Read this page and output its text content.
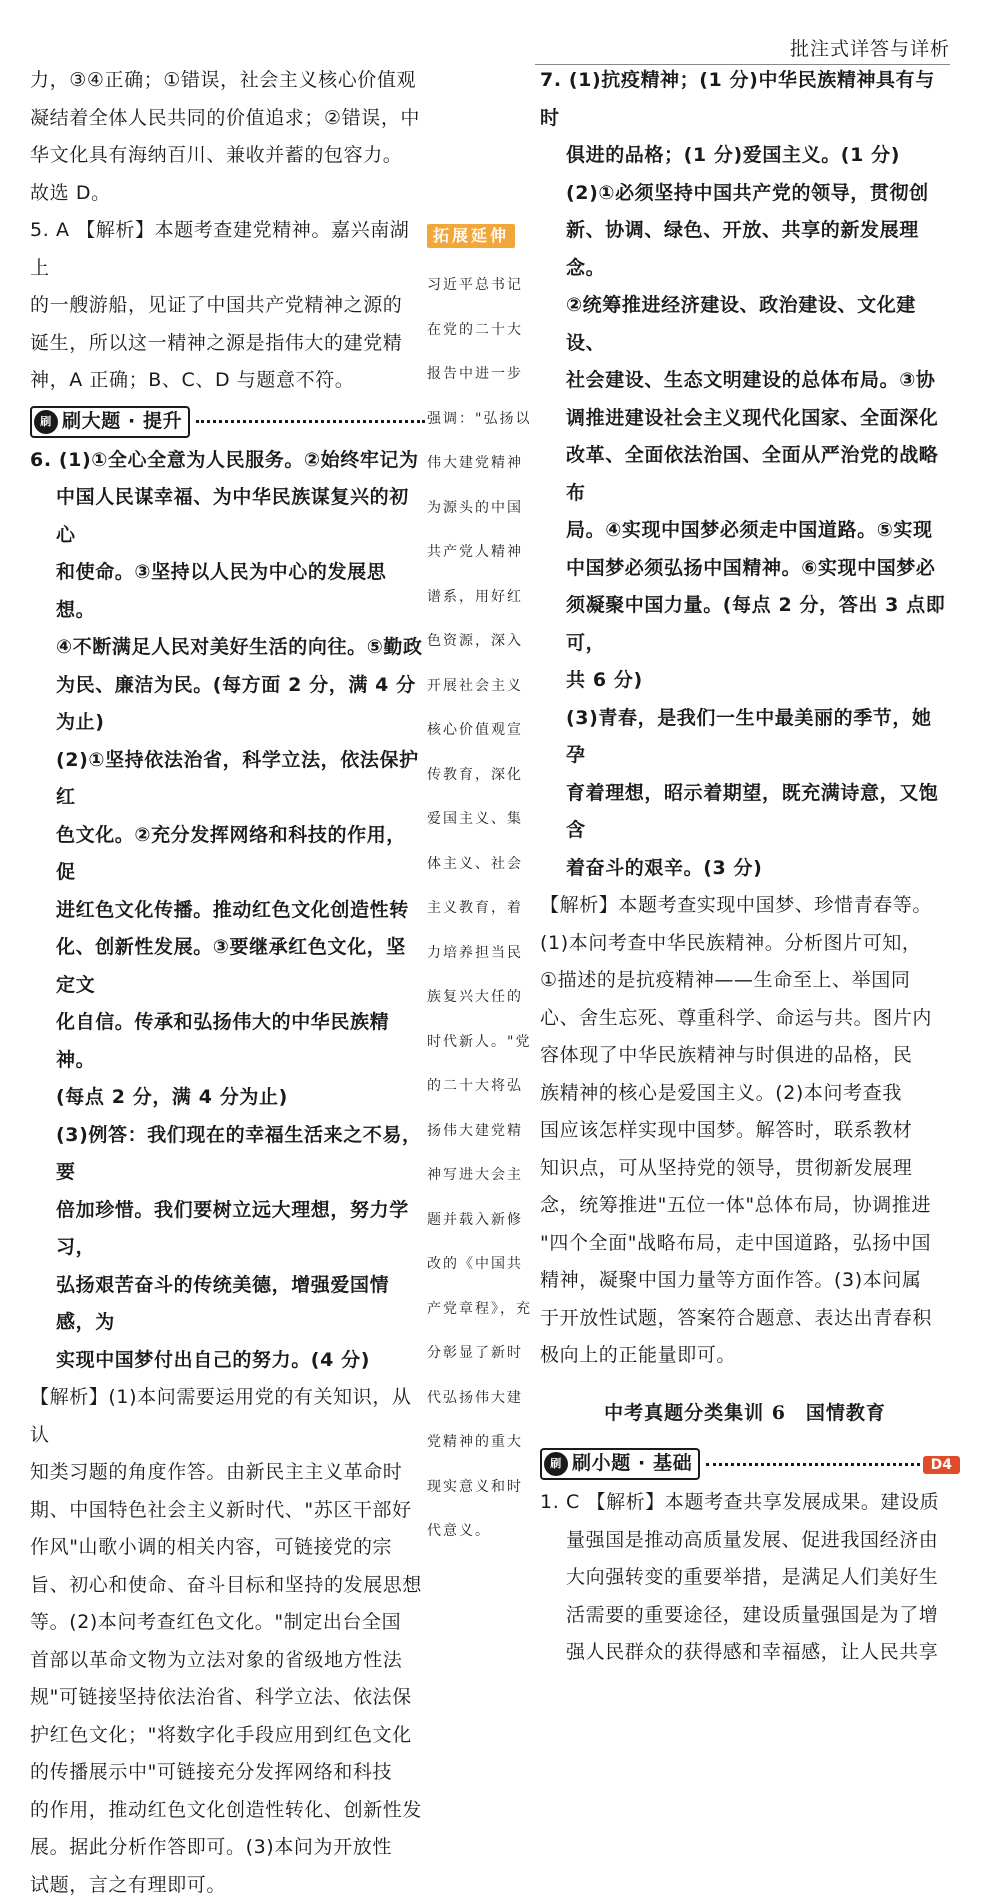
批注式详答与详析

力，③④正确；①错误，社会主义核心价值观

凝结着全体人民共同的价值追求；②错误，中

华文化具有海纳百川、兼收并蓄的包容力。

故选 D。

5. A 【解析】本题考查建党精神。嘉兴南湖上

的一艘游船，见证了中国共产党精神之源的

诞生，所以这一精神之源是指伟大的建党精

神，A 正确；B、C、D 与题意不符。

刷 刷大题 · 提升

6. (1)①全心全意为人民服务。②始终牢记为

中国人民谋幸福、为中华民族谋复兴的初心

和使命。③坚持以人民为中心的发展思想。

④不断满足人民对美好生活的向往。⑤勤政

为民、廉洁为民。(每方面 2 分，满 4 分为止)

(2)①坚持依法治省，科学立法，依法保护红

色文化。②充分发挥网络和科技的作用，促

进红色文化传播。推动红色文化创造性转

化、创新性发展。③要继承红色文化，坚定文

化自信。传承和弘扬伟大的中华民族精神。

(每点 2 分，满 4 分为止)

(3)例答：我们现在的幸福生活来之不易，要

倍加珍惜。我们要树立远大理想，努力学习，

弘扬艰苦奋斗的传统美德，增强爱国情感，为

实现中国梦付出自己的努力。(4 分)

【解析】(1)本问需要运用党的有关知识，从认

知类习题的角度作答。由新民主主义革命时

期、中国特色社会主义新时代、"苏区干部好

作风"山歌小调的相关内容，可链接党的宗

旨、初心和使命、奋斗目标和坚持的发展思想

等。(2)本问考查红色文化。"制定出台全国

首部以革命文物为立法对象的省级地方性法

规"可链接坚持依法治省、科学立法、依法保

护红色文化；"将数字化手段应用到红色文化

的传播展示中"可链接充分发挥网络和科技

的作用，推动红色文化创造性转化、创新性发

展。据此分析作答即可。(3)本问为开放性

试题，言之有理即可。

拓展延伸

习近平总书记

在党的二十大

报告中进一步

强调："弘扬以

伟大建党精神

为源头的中国

共产党人精神

谱系，用好红

色资源，深入

开展社会主义

核心价值观宣

传教育，深化

爱国主义、集

体主义、社会

主义教育，着

力培养担当民

族复兴大任的

时代新人。"党

的二十大将弘

扬伟大建党精

神写进大会主

题并载入新修

改的《中国共

产党章程》，充

分彰显了新时

代弘扬伟大建

党精神的重大

现实意义和时

代意义。

7. (1)抗疫精神；(1 分)中华民族精神具有与时

俱进的品格；(1 分)爱国主义。(1 分)

(2)①必须坚持中国共产党的领导，贯彻创

新、协调、绿色、开放、共享的新发展理念。

②统筹推进经济建设、政治建设、文化建设、

社会建设、生态文明建设的总体布局。③协

调推进建设社会主义现代化国家、全面深化

改革、全面依法治国、全面从严治党的战略布

局。④实现中国梦必须走中国道路。⑤实现

中国梦必须弘扬中国精神。⑥实现中国梦必

须凝聚中国力量。(每点 2 分，答出 3 点即可，

共 6 分)

(3)青春，是我们一生中最美丽的季节，她孕

育着理想，昭示着期望，既充满诗意，又饱含

着奋斗的艰辛。(3 分)

【解析】本题考查实现中国梦、珍惜青春等。

(1)本问考查中华民族精神。分析图片可知，

①描述的是抗疫精神——生命至上、举国同

心、舍生忘死、尊重科学、命运与共。图片内

容体现了中华民族精神与时俱进的品格，民

族精神的核心是爱国主义。(2)本问考查我

国应该怎样实现中国梦。解答时，联系教材

知识点，可从坚持党的领导，贯彻新发展理

念，统筹推进"五位一体"总体布局，协调推进

"四个全面"战略布局，走中国道路，弘扬中国

精神，凝聚中国力量等方面作答。(3)本问属

于开放性试题，答案符合题意、表达出青春积

极向上的正能量即可。

中考真题分类集训 6　国情教育
刷 刷小题 · 基础

1. C 【解析】本题考查共享发展成果。建设质

量强国是推动高质量发展、促进我国经济由

大向强转变的重要举措，是满足人们美好生

活需要的重要途径，建设质量强国是为了增

强人民群众的获得感和幸福感，让人民共享

D4
